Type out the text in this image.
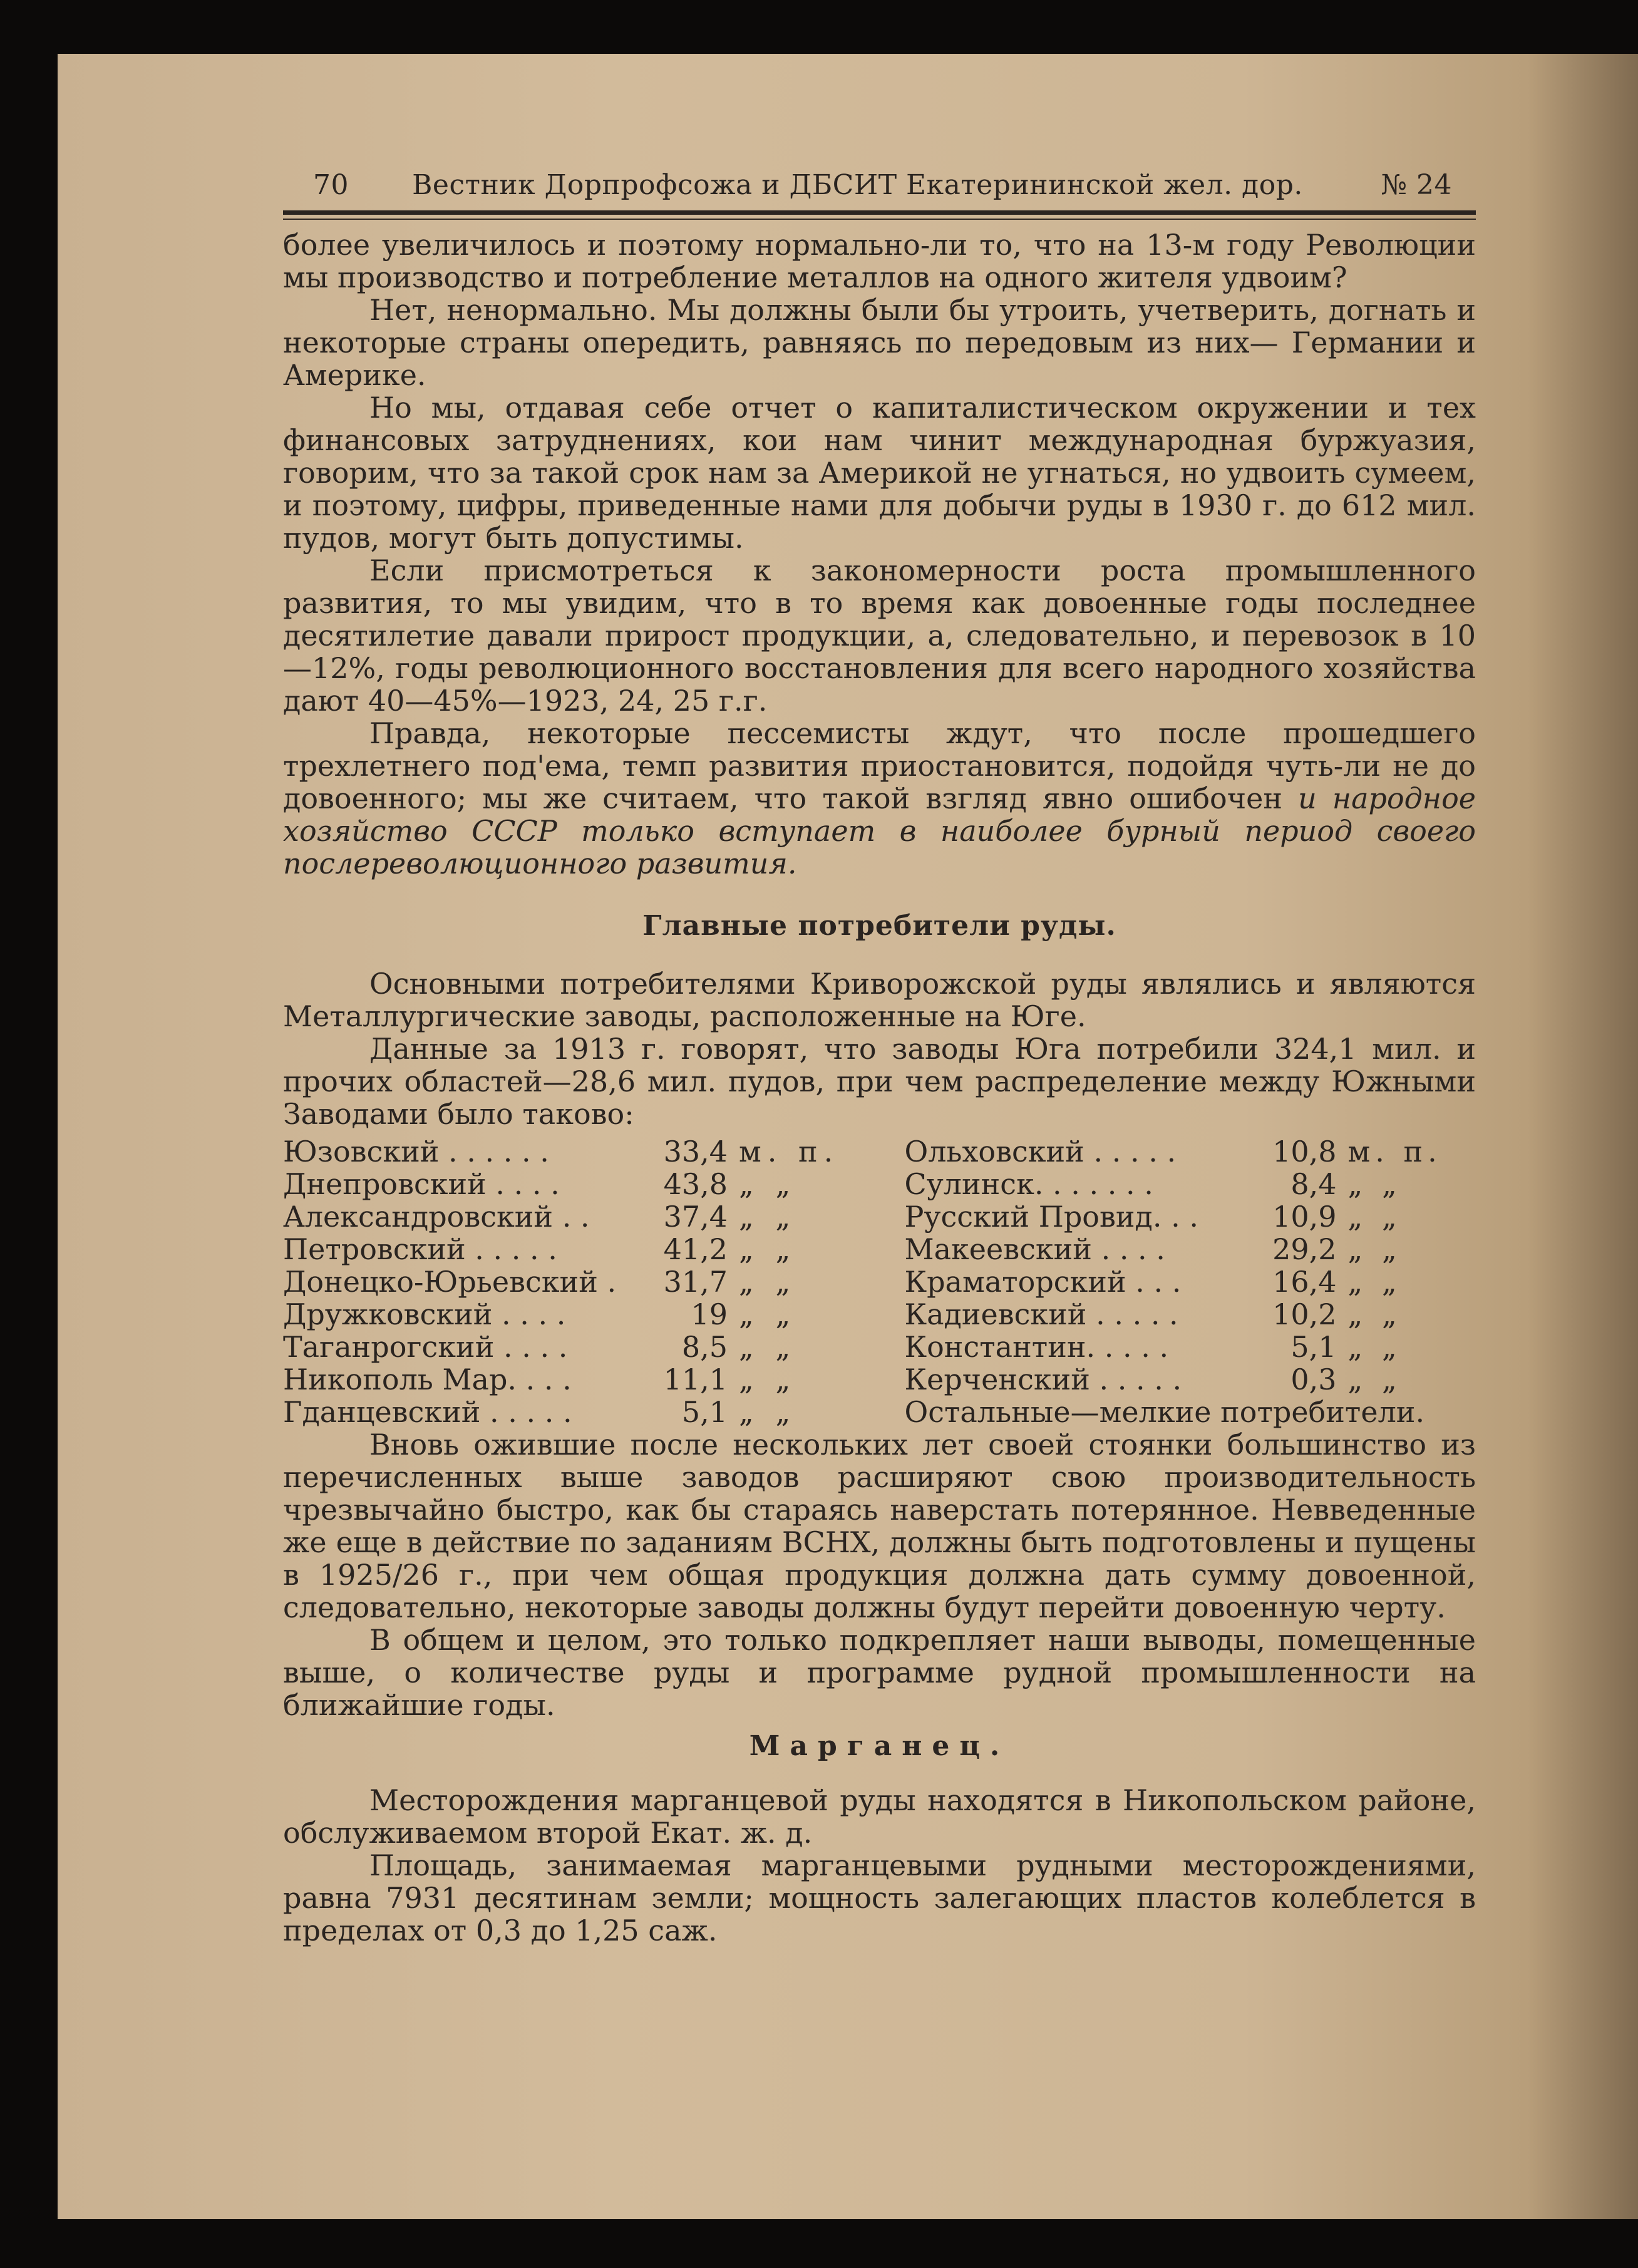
70	Вестник Дорпрофсожа и ДБСИТ Екатерининской жел. дор.	№ 24

более увеличилось и поэтому нормально-ли то, что на 13-м году Революции мы производство и потребление металлов на одного жителя удвоим?

Нет, ненормально. Мы должны были бы утроить, учетверить, догнать и некоторые страны опередить, равняясь по передовым из них— Германии и Америке.

Но мы, отдавая себе отчет о капиталистическом окружении и тех финансовых затруднениях, кои нам чинит международная буржуазия, говорим, что за такой срок нам за Америкой не угнаться, но удвоить сумеем, и поэтому, цифры, приведенные нами для добычи руды в 1930 г. до 612 мил. пудов, могут быть допустимы.

Если присмотреться к закономерности роста промышленного развития, то мы увидим, что в то время как довоенные годы последнее десятилетие давали прирост продукции, а, следовательно, и перевозок в 10—12%, годы революционного восстановления для всего народного хозяйства дают 40—45%—1923, 24, 25 г.г.

Правда, некоторые пессемисты ждут, что после прошедшего трехлетнего под'ема, темп развития приостановится, подойдя чуть-ли не до довоенного; мы же считаем, что такой взгляд явно ошибочен и народное хозяйство СССР только вступает в наиболее бурный период своего послереволюционного развития.

Главные потребители руды.

Основными потребителями Криворожской руды являлись и являются Металлургические заводы, расположенные на Юге.

Данные за 1913 г. говорят, что заводы Юга потребили 324,1 мил. и прочих областей—28,6 мил. пудов, при чем распределение между Южными Заводами было таково:

Юзовский . . . . . .	33,4 м. п.
Днепровский . . . .	43,8 „ „
Александровский . .	37,4 „ „
Петровский . . . . .	41,2 „ „
Донецко-Юрьевский .	31,7 „ „
Дружковский . . . .	19 „ „
Таганрогский . . . .	8,5 „ „
Никополь Мар. . . .	11,1 „ „
Гданцевский . . . . .	5,1 „ „
Ольховский . . . . .	10,8 м. п.
Сулинск. . . . . . .	8,4 „ „
Русский Провид. . .	10,9 „ „
Макеевский . . . .	29,2 „ „
Краматорский . . .	16,4 „ „
Кадиевский . . . . .	10,2 „ „
Константин. . . . .	5,1 „ „
Керченский . . . . .	0,3 „ „
Остальные—мелкие потребители.

Вновь ожившие после нескольких лет своей стоянки большинство из перечисленных выше заводов расширяют свою производительность чрезвычайно быстро, как бы стараясь наверстать потерянное. Невведенные же еще в действие по заданиям ВСНХ, должны быть подготовлены и пущены в 1925/26 г., при чем общая продукция должна дать сумму довоенной, следовательно, некоторые заводы должны будут перейти довоенную черту.

В общем и целом, это только подкрепляет наши выводы, помещенные выше, о количестве руды и программе рудной промышленности на ближайшие годы.

Марганец.

Месторождения марганцевой руды находятся в Никопольском районе, обслуживаемом второй Екат. ж. д.

Площадь, занимаемая марганцевыми рудными месторождениями, равна 7931 десятинам земли; мощность залегающих пластов колеблется в пределах от 0,3 до 1,25 саж.
